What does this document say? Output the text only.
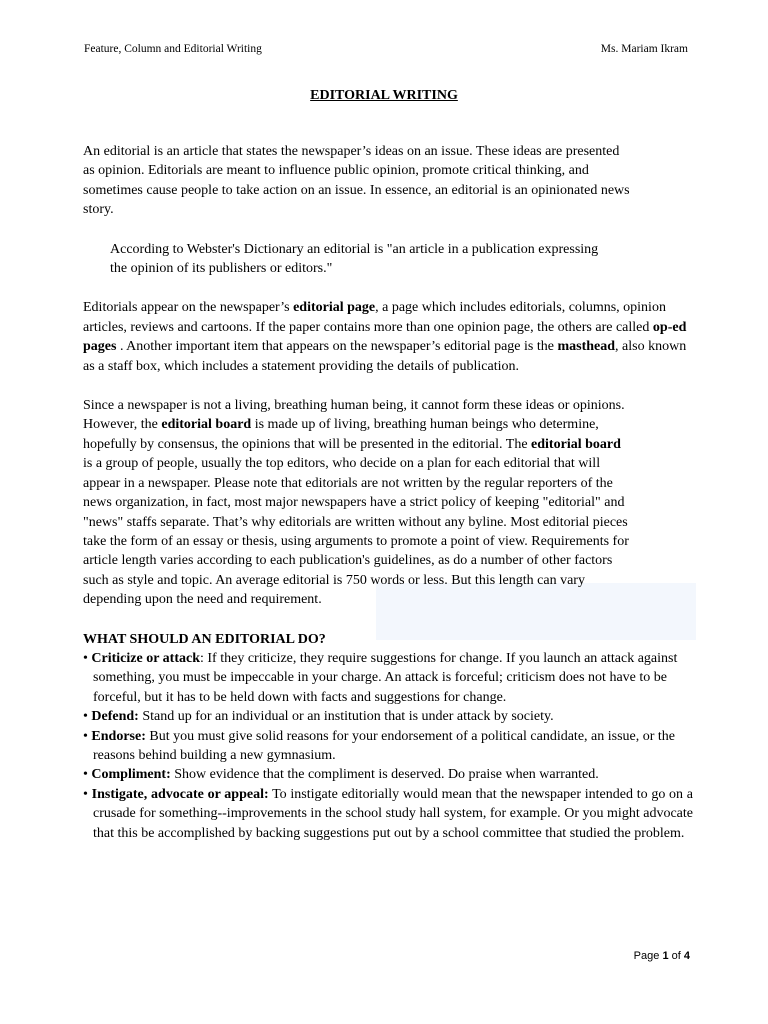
Feature, Column and Editorial Writing	Ms. Mariam Ikram
EDITORIAL WRITING

An editorial is an article that states the newspaper’s ideas on an issue. These ideas are presented as opinion. Editorials are meant to influence public opinion, promote critical thinking, and sometimes cause people to take action on an issue. In essence, an editorial is an opinionated news story.

According to Webster's Dictionary an editorial is "an article in a publication expressing the opinion of its publishers or editors."

Editorials appear on the newspaper’s editorial page, a page which includes editorials, columns, opinion articles, reviews and cartoons. If the paper contains more than one opinion page, the others are called op-ed pages . Another important item that appears on the newspaper’s editorial page is the masthead, also known as a staff box, which includes a statement providing the details of publication.

Since a newspaper is not a living, breathing human being, it cannot form these ideas or opinions. However, the editorial board is made up of living, breathing human beings who determine, hopefully by consensus, the opinions that will be presented in the editorial. The editorial board is a group of people, usually the top editors, who decide on a plan for each editorial that will appear in a newspaper. Please note that editorials are not written by the regular reporters of the news organization, in fact, most major newspapers have a strict policy of keeping "editorial" and "news" staffs separate. That’s why editorials are written without any byline. Most editorial pieces take the form of an essay or thesis, using arguments to promote a point of view. Requirements for article length varies according to each publication's guidelines, as do a number of other factors such as style and topic. An average editorial is 750 words or less. But this length can vary depending upon the need and requirement.

WHAT SHOULD AN EDITORIAL DO?

• Criticize or attack: If they criticize, they require suggestions for change. If you launch an attack against something, you must be impeccable in your charge. An attack is forceful; criticism does not have to be forceful, but it has to be held down with facts and suggestions for change.
• Defend: Stand up for an individual or an institution that is under attack by society.
• Endorse: But you must give solid reasons for your endorsement of a political candidate, an issue, or the reasons behind building a new gymnasium.
• Compliment: Show evidence that the compliment is deserved. Do praise when warranted.
• Instigate, advocate or appeal: To instigate editorially would mean that the newspaper intended to go on a crusade for something--improvements in the school study hall system, for example. Or you might advocate that this be accomplished by backing suggestions put out by a school committee that studied the problem.
Page 1 of 4
